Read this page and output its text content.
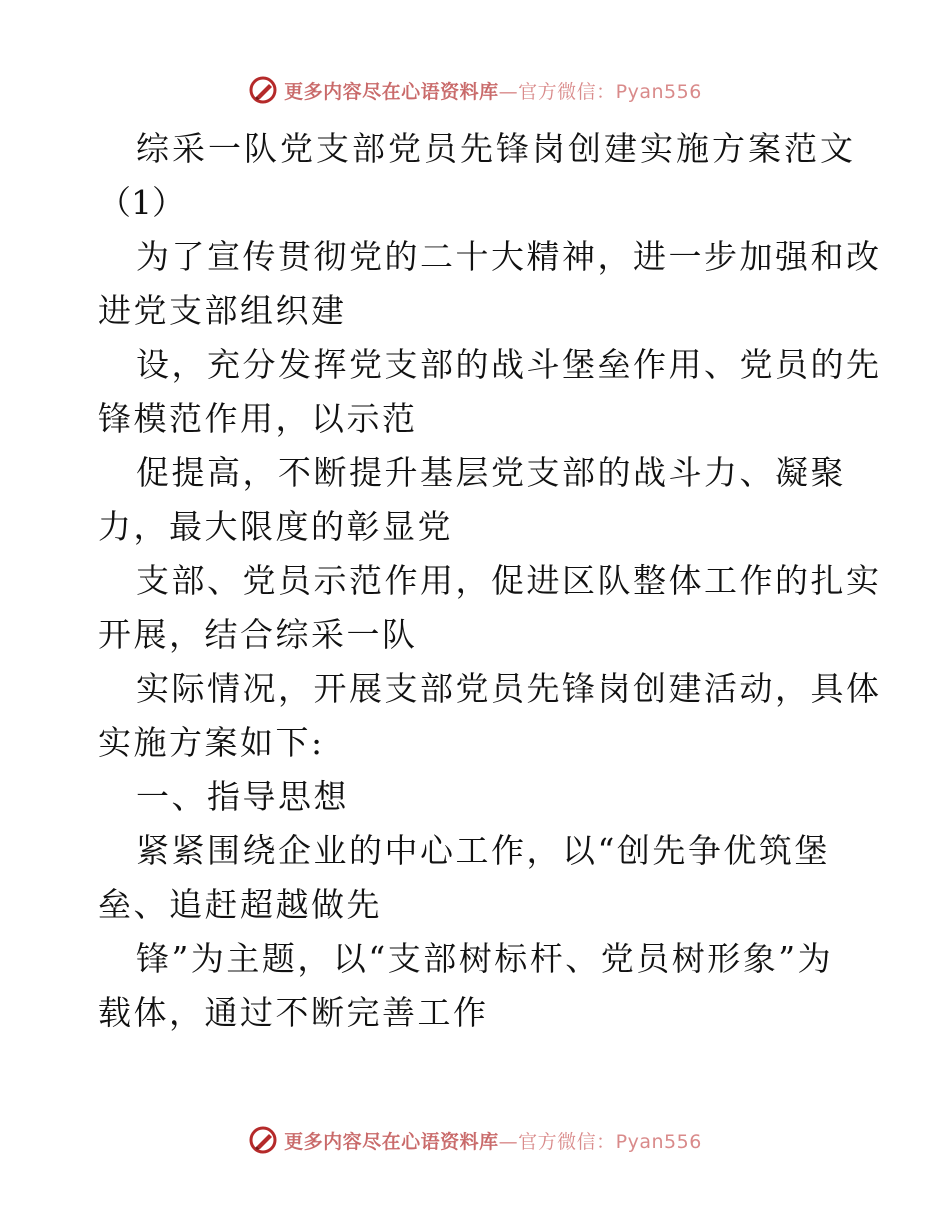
更多内容尽在心语资料库—官方微信：Pyan556
综采一队党支部党员先锋岗创建实施方案范文
（1）
为了宣传贯彻党的二十大精神，进一步加强和改
进党支部组织建
设，充分发挥党支部的战斗堡垒作用、党员的先
锋模范作用，以示范
促提高，不断提升基层党支部的战斗力、凝聚
力，最大限度的彰显党
支部、党员示范作用，促进区队整体工作的扎实
开展，结合综采一队
实际情况，开展支部党员先锋岗创建活动，具体
实施方案如下:
一、指导思想
紧紧围绕企业的中心工作，以“创先争优筑堡
垒、追赶超越做先
锋”为主题，以“支部树标杆、党员树形象”为
载体，通过不断完善工作
更多内容尽在心语资料库—官方微信：Pyan556
